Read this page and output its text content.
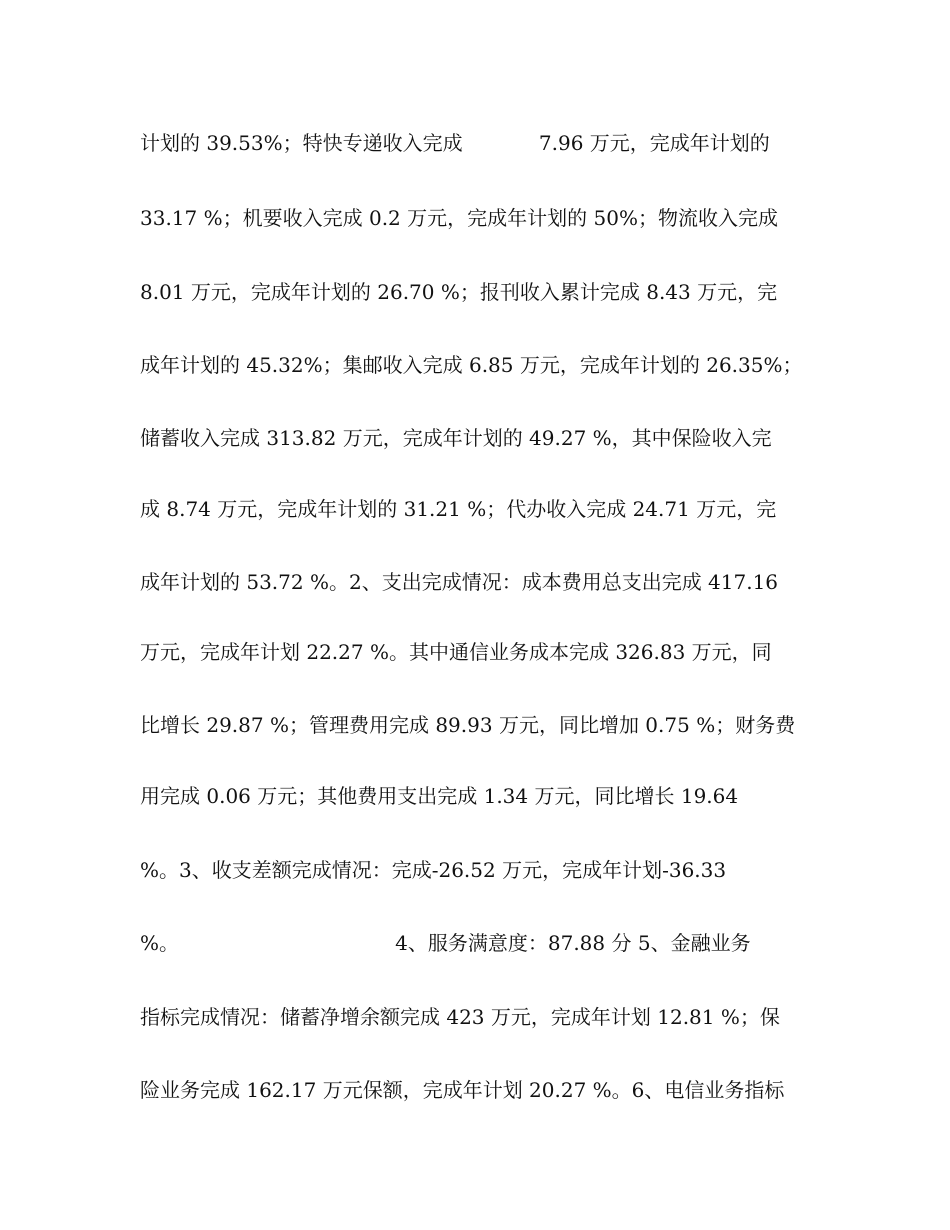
计划的 39.53%；特快专递收入完成            7.96 万元，完成年计划的
33.17 %；机要收入完成 0.2 万元，完成年计划的 50%；物流收入完成
8.01 万元，完成年计划的 26.70 %；报刊收入累计完成 8.43 万元，完
成年计划的 45.32%；集邮收入完成 6.85 万元，完成年计划的 26.35%；
储蓄收入完成 313.82 万元，完成年计划的 49.27 %，其中保险收入完
成 8.74 万元，完成年计划的 31.21 %；代办收入完成 24.71 万元，完
成年计划的 53.72 %。2、支出完成情况：成本费用总支出完成 417.16
万元，完成年计划 22.27 %。其中通信业务成本完成 326.83 万元，同
比增长 29.87 %；管理费用完成 89.93 万元，同比增加 0.75 %；财务费
用完成 0.06 万元；其他费用支出完成 1.34 万元，同比增长 19.64
%。3、收支差额完成情况：完成-26.52 万元，完成年计划-36.33
%。                                  4、服务满意度：87.88 分 5、金融业务
指标完成情况：储蓄净增余额完成 423 万元，完成年计划 12.81 %；保
险业务完成 162.17 万元保额，完成年计划 20.27 %。6、电信业务指标
